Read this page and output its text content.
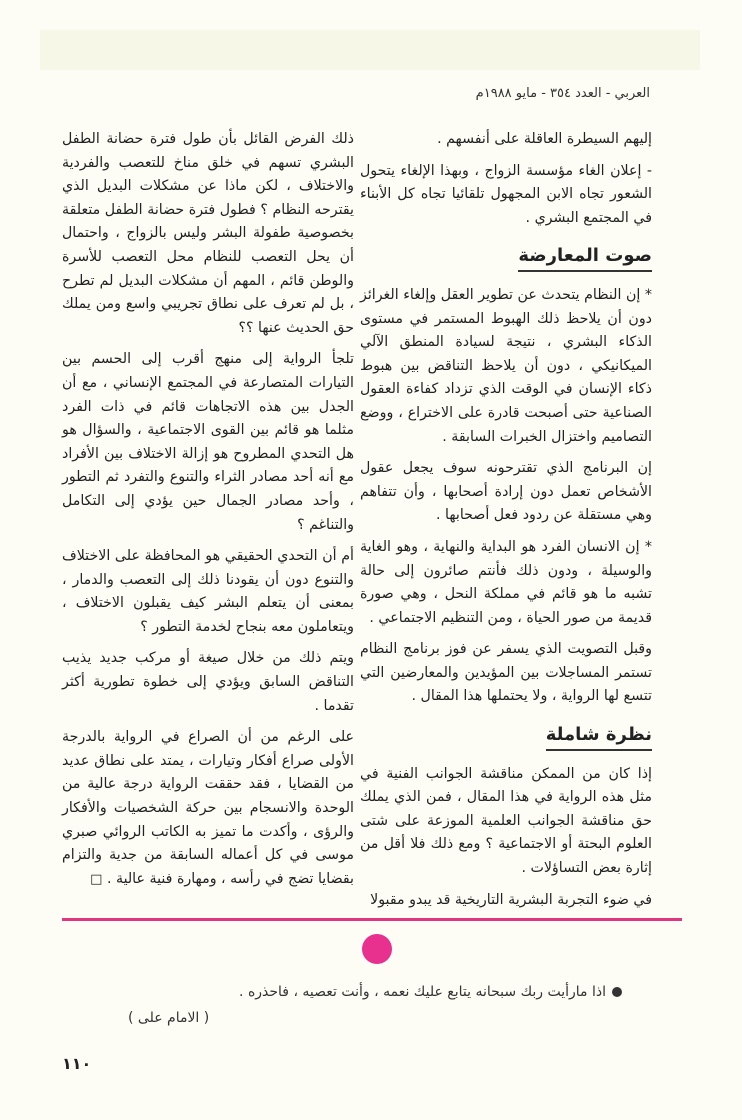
العربي - العدد ٣٥٤ - مايو ١٩٨٨م

إليهم السيطرة العاقلة على أنفسهم .

- إعلان الغاء مؤسسة الزواج ، وبهذا الإلغاء يتحول الشعور تجاه الابن المجهول تلقائيا تجاه كل الأبناء في المجتمع البشري .

صوت المعارضة

* إن النظام يتحدث عن تطوير العقل وإلغاء الغرائز دون أن يلاحظ ذلك الهبوط المستمر في مستوى الذكاء البشري ، نتيجة لسيادة المنطق الآلي الميكانيكي ، دون أن يلاحظ التناقض بين هبوط ذكاء الإنسان في الوقت الذي تزداد كفاءة العقول الصناعية حتى أصبحت قادرة على الاختراع ، ووضع التصاميم واختزال الخبرات السابقة .

إن البرنامج الذي تقترحونه سوف يجعل عقول الأشخاص تعمل دون إرادة أصحابها ، وأن تتفاهم وهي مستقلة عن ردود فعل أصحابها .

* إن الانسان الفرد هو البداية والنهاية ، وهو الغاية والوسيلة ، ودون ذلك فأنتم صائرون إلى حالة تشبه ما هو قائم في مملكة النحل ، وهي صورة قديمة من صور الحياة ، ومن التنظيم الاجتماعي .

وقبل التصويت الذي يسفر عن فوز برنامج النظام تستمر المساجلات بين المؤيدين والمعارضين التي تتسع لها الرواية ، ولا يحتملها هذا المقال .

نظرة شاملة

إذا كان من الممكن مناقشة الجوانب الفنية في مثل هذه الرواية في هذا المقال ، فمن الذي يملك حق مناقشة الجوانب العلمية الموزعة على شتى العلوم البحتة أو الاجتماعية ؟ ومع ذلك فلا أقل من إثارة بعض التساؤلات .

في ضوء التجربة البشرية التاريخية قد يبدو مقبولا

ذلك الفرض القائل بأن طول فترة حضانة الطفل البشري تسهم في خلق مناخ للتعصب والفردية والاختلاف ، لكن ماذا عن مشكلات البديل الذي يقترحه النظام ؟ فطول فترة حضانة الطفل متعلقة بخصوصية طفولة البشر وليس بالزواج ، واحتمال أن يحل التعصب للنظام محل التعصب للأسرة والوطن قائم ، المهم أن مشكلات البديل لم تطرح ، بل لم تعرف على نطاق تجريبي واسع ومن يملك حق الحديث عنها ؟؟

تلجأ الرواية إلى منهج أقرب إلى الحسم بين التيارات المتصارعة في المجتمع الإنساني ، مع أن الجدل بين هذه الاتجاهات قائم في ذات الفرد مثلما هو قائم بين القوى الاجتماعية ، والسؤال هو هل التحدي المطروح هو إزالة الاختلاف بين الأفراد مع أنه أحد مصادر الثراء والتنوع والتفرد ثم التطور ، وأحد مصادر الجمال حين يؤدي إلى التكامل والتناغم ؟

أم أن التحدي الحقيقي هو المحافظة على الاختلاف والتنوع دون أن يقودنا ذلك إلى التعصب والدمار ، بمعنى أن يتعلم البشر كيف يقبلون الاختلاف ، ويتعاملون معه بنجاح لخدمة التطور ؟

ويتم ذلك من خلال صيغة أو مركب جديد يذيب التناقض السابق ويؤدي إلى خطوة تطورية أكثر تقدما .

على الرغم من أن الصراع في الرواية بالدرجة الأولى صراع أفكار وتيارات ، يمتد على نطاق عديد من القضايا ، فقد حققت الرواية درجة عالية من الوحدة والانسجام بين حركة الشخصيات والأفكار والرؤى ، وأكدت ما تميز به الكاتب الروائي صبري موسى في كل أعماله السابقة من جدية والتزام بقضايا تضج في رأسه ، ومهارة فنية عالية . □

اذا مارأيت ربك سبحانه يتابع عليك نعمه ، وأنت تعصيه ، فاحذره .
( الامام على )
١١٠
